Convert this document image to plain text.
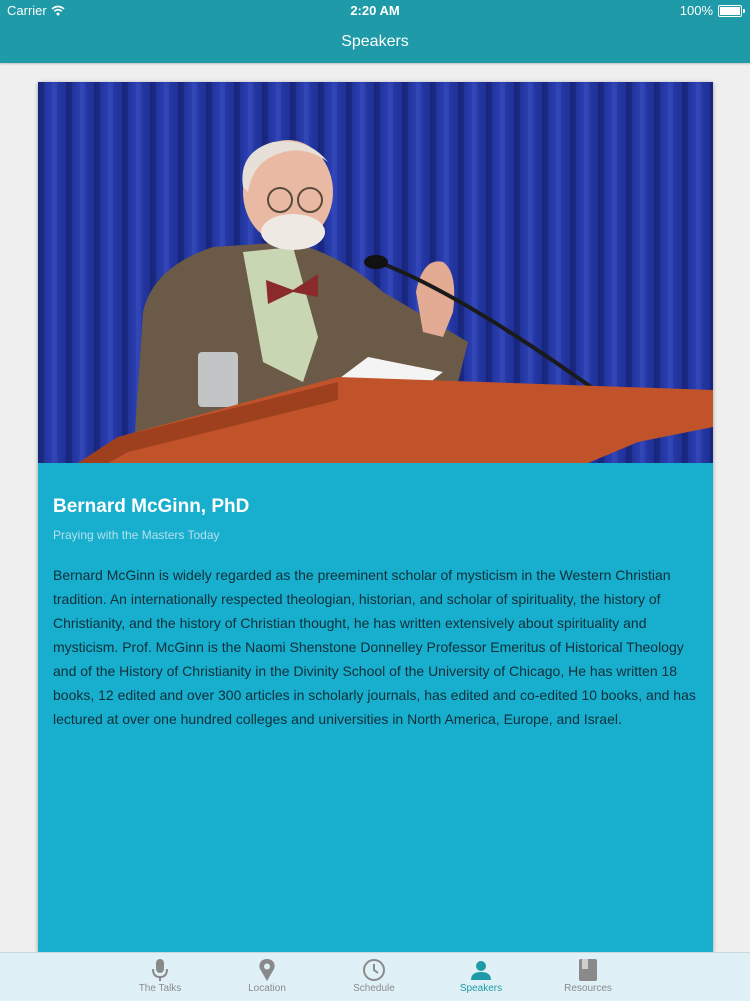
Carrier	2:20 AM	100%
Speakers
Bernard McGinn, PhD
Praying with the Masters Today
Bernard McGinn is widely regarded as the preeminent scholar of mysticism in the Western Christian tradition. An internationally respected theologian, historian, and scholar of spirituality, the history of Christianity, and the history of Christian thought, he has written extensively about spirituality and mysticism. Prof. McGinn is the Naomi Shenstone Donnelley Professor Emeritus of Historical Theology and of the History of Christianity in the Divinity School of the University of Chicago, He has written 18 books, 12 edited and over 300 articles in scholarly journals, has edited and co-edited 10 books, and has lectured at over one hundred colleges and universities in North America, Europe, and Israel.
The Talks	Location	Schedule	Speakers	Resources
